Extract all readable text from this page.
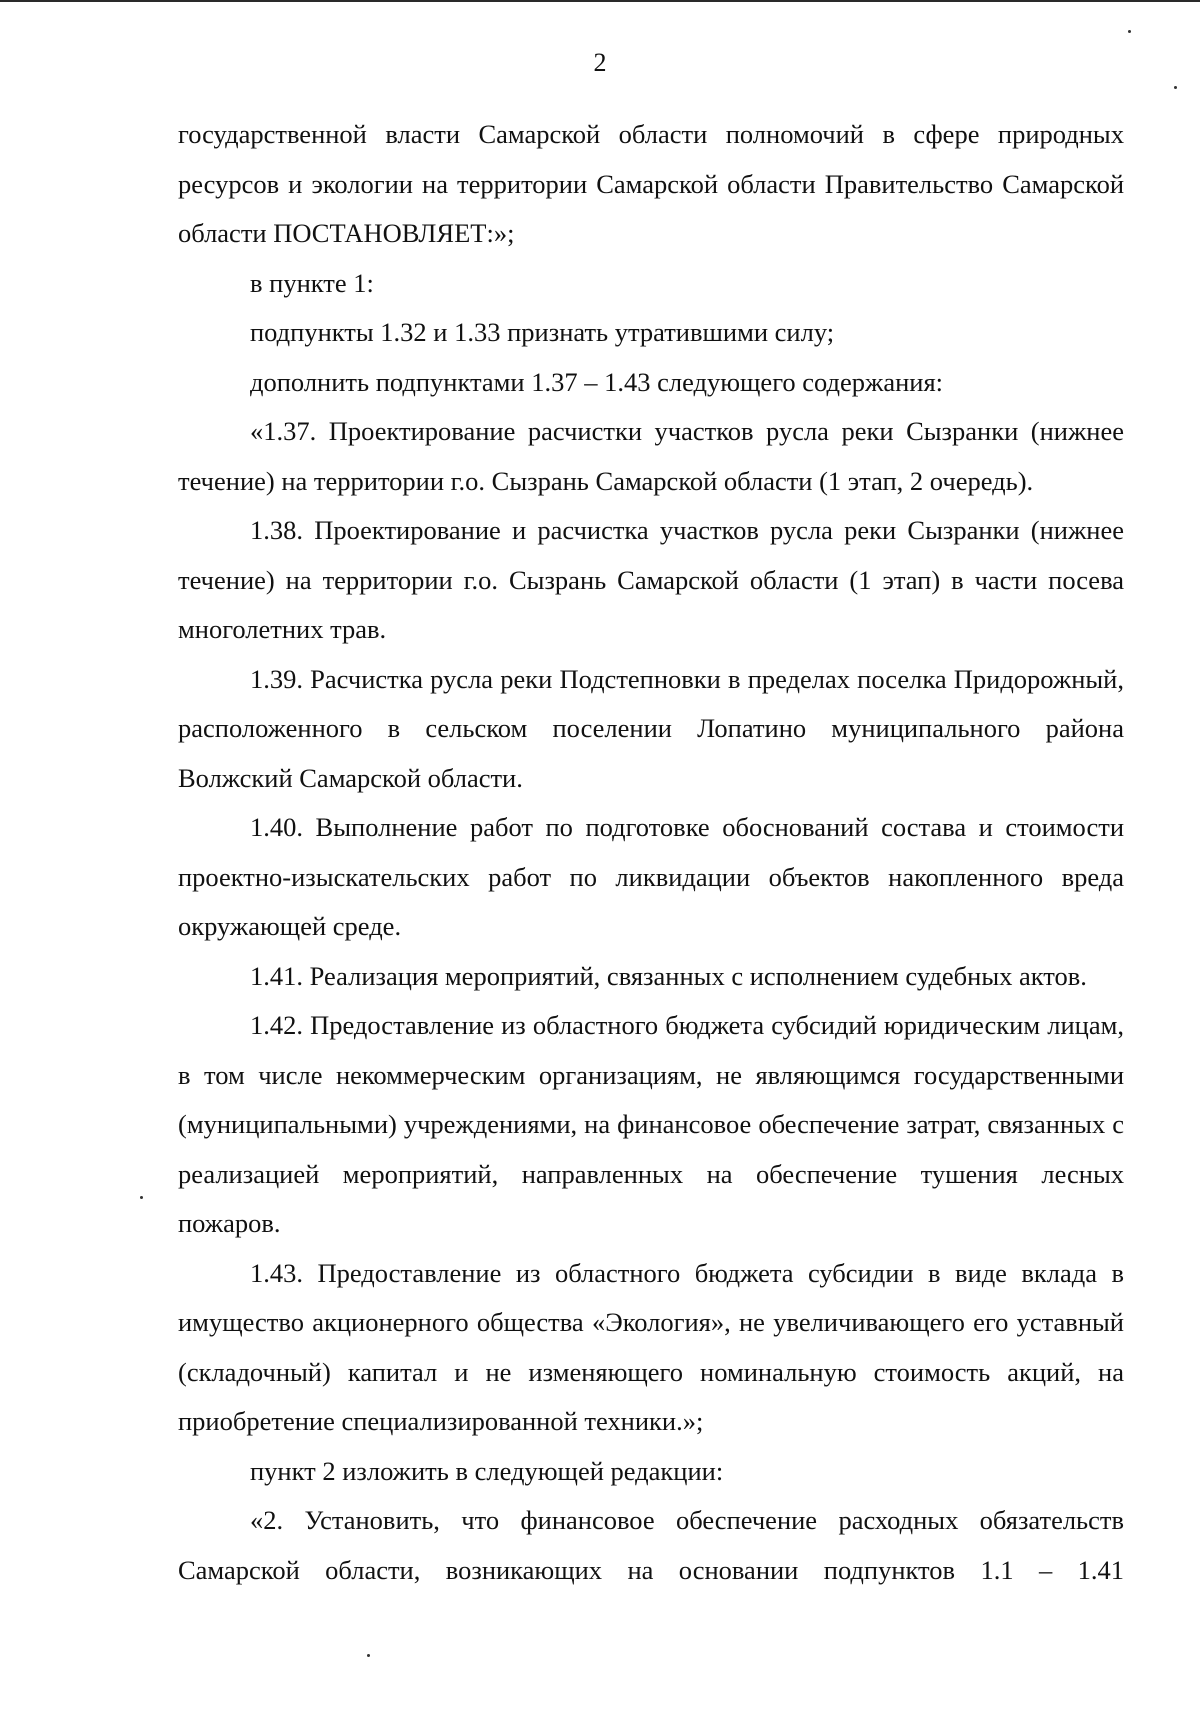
2

государственной власти Самарской области полномочий в сфере природных ресурсов и экологии на территории Самарской области Правительство Самарской области ПОСТАНОВЛЯЕТ:»;

в пункте 1:

подпункты 1.32 и 1.33 признать утратившими силу;

дополнить подпунктами 1.37 – 1.43 следующего содержания:

«1.37. Проектирование расчистки участков русла реки Сызранки (нижнее течение) на территории г.о. Сызрань Самарской области (1 этап, 2 очередь).

1.38. Проектирование и расчистка участков русла реки Сызранки (нижнее течение) на территории г.о. Сызрань Самарской области (1 этап) в части посева многолетних трав.

1.39. Расчистка русла реки Подстепновки в пределах поселка Придорожный, расположенного в сельском поселении Лопатино муниципального района Волжский Самарской области.

1.40. Выполнение работ по подготовке обоснований состава и стоимости проектно-изыскательских работ по ликвидации объектов накопленного вреда окружающей среде.

1.41. Реализация мероприятий, связанных с исполнением судебных актов.

1.42. Предоставление из областного бюджета субсидий юридическим лицам, в том числе некоммерческим организациям, не являющимся государственными (муниципальными) учреждениями, на финансовое обеспечение затрат, связанных с реализацией мероприятий, направленных на обеспечение тушения лесных пожаров.

1.43. Предоставление из областного бюджета субсидии в виде вклада в имущество акционерного общества «Экология», не увеличивающего его уставный (складочный) капитал и не изменяющего номинальную стоимость акций, на приобретение специализированной техники.»;

пункт 2 изложить в следующей редакции:

«2. Установить, что финансовое обеспечение расходных обязательств Самарской области, возникающих на основании подпунктов 1.1 – 1.41
